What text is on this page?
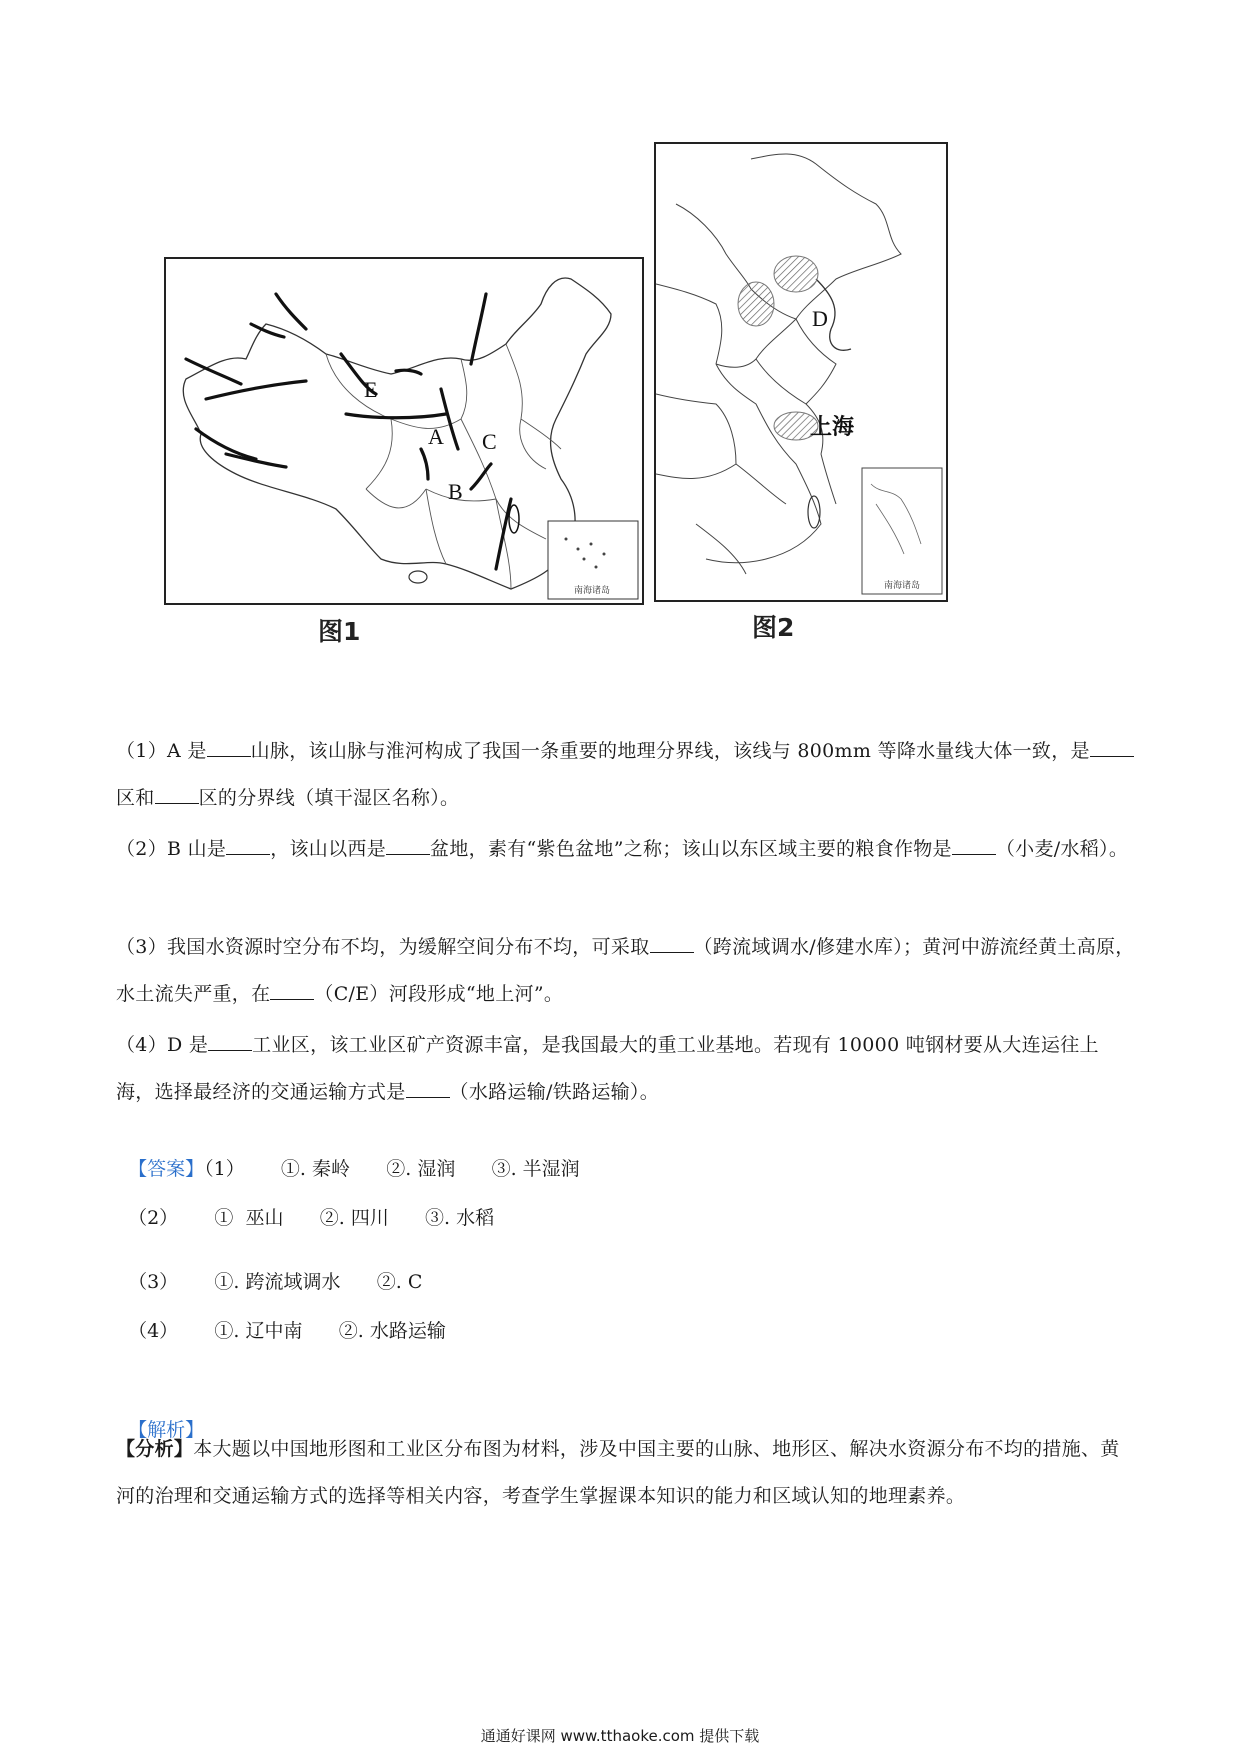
南海诸岛
E
A C
B
图1
南海诸岛
D
上海
图2
（1）A 是 山脉，该山脉与淮河构成了我国一条重要的地理分界线，该线与 800mm 等降水量线大体一致，是区和 区的分界线（填干湿区名称）。
（2）B 山是 ，该山以西是 盆地，素有“紫色盆地”之称；该山以东区域主要的粮食作物是 （小麦/水稻）。
（3）我国水资源时空分布不均，为缓解空间分布不均，可采取 （跨流域调水/修建水库）；黄河中游流经黄土高原，水土流失严重，在 （C/E）河段形成“地上河”。
（4）D 是 工业区，该工业区矿产资源丰富，是我国最大的重工业基地。若现有 10000 吨钢材要从大连运往上海，选择最经济的交通运输方式是 （水路运输/铁路运输）。

【答案】（1）      ①. 秦岭      ②. 湿润      ③. 半湿润

（2）      ①  巫山      ②. 四川      ③. 水稻

（3）      ①. 跨流域调水      ②. C

（4）      ①. 辽中南      ②. 水路运输

【解析】

【分析】本大题以中国地形图和工业区分布图为材料，涉及中国主要的山脉、地形区、解决水资源分布不均的措施、黄河的治理和交通运输方式的选择等相关内容，考查学生掌握课本知识的能力和区域认知的地理素养。
通通好课网 www.tthaoke.com 提供下载
